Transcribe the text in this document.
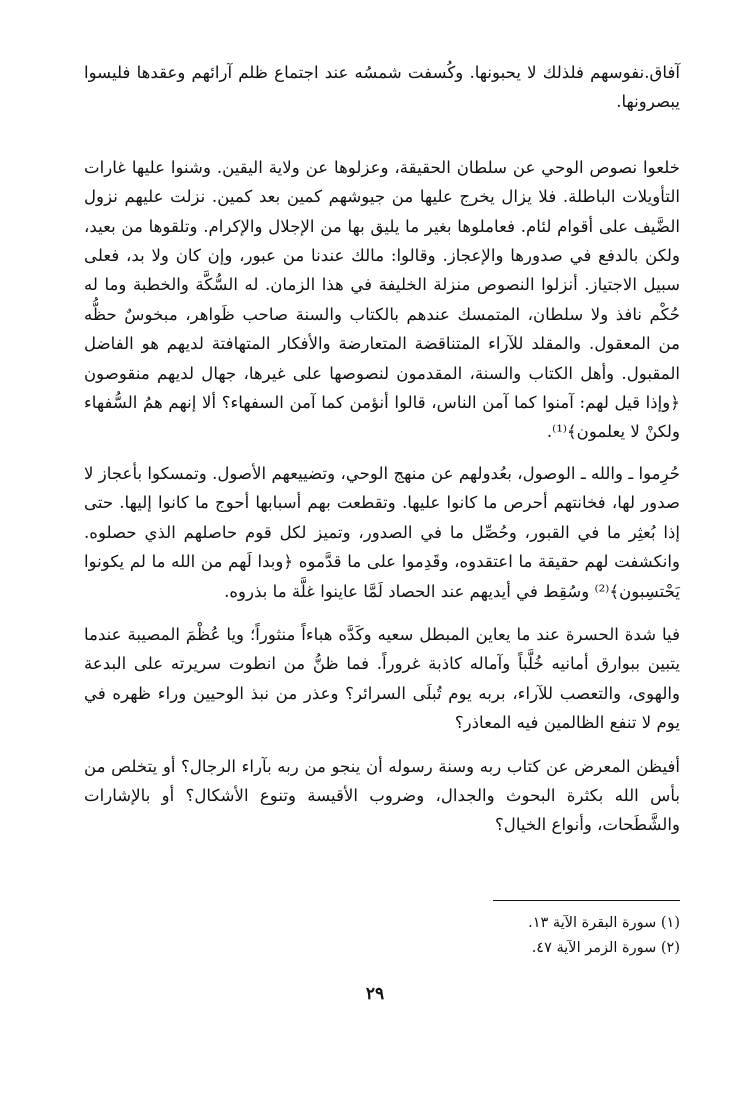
آفاق.نفوسهم فلذلك لا يحبونها. وكُسفت شمسُه عند اجتماع ظلم آرائهم وعقدها فليسوا يبصرونها.

خلعوا نصوص الوحي عن سلطان الحقيقة، وعزلوها عن ولاية اليقين. وشنوا عليها غارات التأويلات الباطلة. فلا يزال يخرج عليها من جيوشهم كمين بعد كمين. نزلت عليهم نزول الضَّيف على أقوام لئام. فعاملوها بغير ما يليق بها من الإجلال والإكرام. وتلقوها من بعيد، ولكن بالدفع في صدورها والإعجاز. وقالوا: مالك عندنا من عبور، وإن كان ولا بد، فعلى سبيل الاجتياز. أنزلوا النصوص منزلة الخليفة في هذا الزمان. له السُّكَّة والخطبة وما له حُكْم نافذ ولا سلطان، المتمسك عندهم بالكتاب والسنة صاحب ظَواهر، مبخوسٌ حظُّه من المعقول. والمقلد للآراء المتناقضة المتعارضة والأفكار المتهافتة لديهم هو الفاضل المقبول. وأهل الكتاب والسنة، المقدمون لنصوصها على غيرها، جهال لديهم منقوصون ﴿وإذا قيل لهم: آمنوا كما آمن الناس، قالوا أنؤمن كما آمن السفهاء؟ ألا إنهم همُ السُّفهاء ولكنْ لا يعلمون﴾⁽¹⁾.

حُرِموا ـ والله ـ الوصول، بعُدولهم عن منهج الوحي، وتضييعهم الأصول. وتمسكوا بأعجاز لا صدور لها، فخانتهم أحرص ما كانوا عليها. وتقطعت بهم أسبابها أحوج ما كانوا إليها. حتى إذا بُعثِر ما في القبور، وحُصِّل ما في الصدور، وتميز لكل قوم حاصلهم الذي حصلوه. وانكشفت لهم حقيقة ما اعتقدوه، وقَدِموا على ما قدَّموه ﴿وبدا لَهم من الله ما لم يكونوا يَحْتسِبون﴾⁽²⁾ وسُقِط في أيديهم عند الحصاد لَمَّا عاينوا غلَّة ما بذروه.

فيا شدة الحسرة عند ما يعاين المبطل سعيه وكَدَّه هباءاً منثوراً؛ ويا عُظْمَ المصيبة عندما يتبين ببوارق أمانيه خُلَّباً وآماله كاذبة غروراً. فما ظنُّ من انطوت سريرته على البدعة والهوى، والتعصب للآراء، بربه يوم تُبلَى السرائر؟ وعذر من نبذ الوحيين وراء ظهره في يوم لا تنفع الظالمين فيه المعاذر؟

أفيظن المعرض عن كتاب ربه وسنة رسوله أن ينجو من ربه بآراء الرجال؟ أو يتخلص من بأس الله بكثرة البحوث والجدال، وضروب الأقيسة وتنوع الأشكال؟ أو بالإشارات والشَّطَحات، وأنواع الخيال؟

(١) سورة البقرة الآية ١٣.

(٢) سورة الزمر الآية ٤٧.

٢٩
